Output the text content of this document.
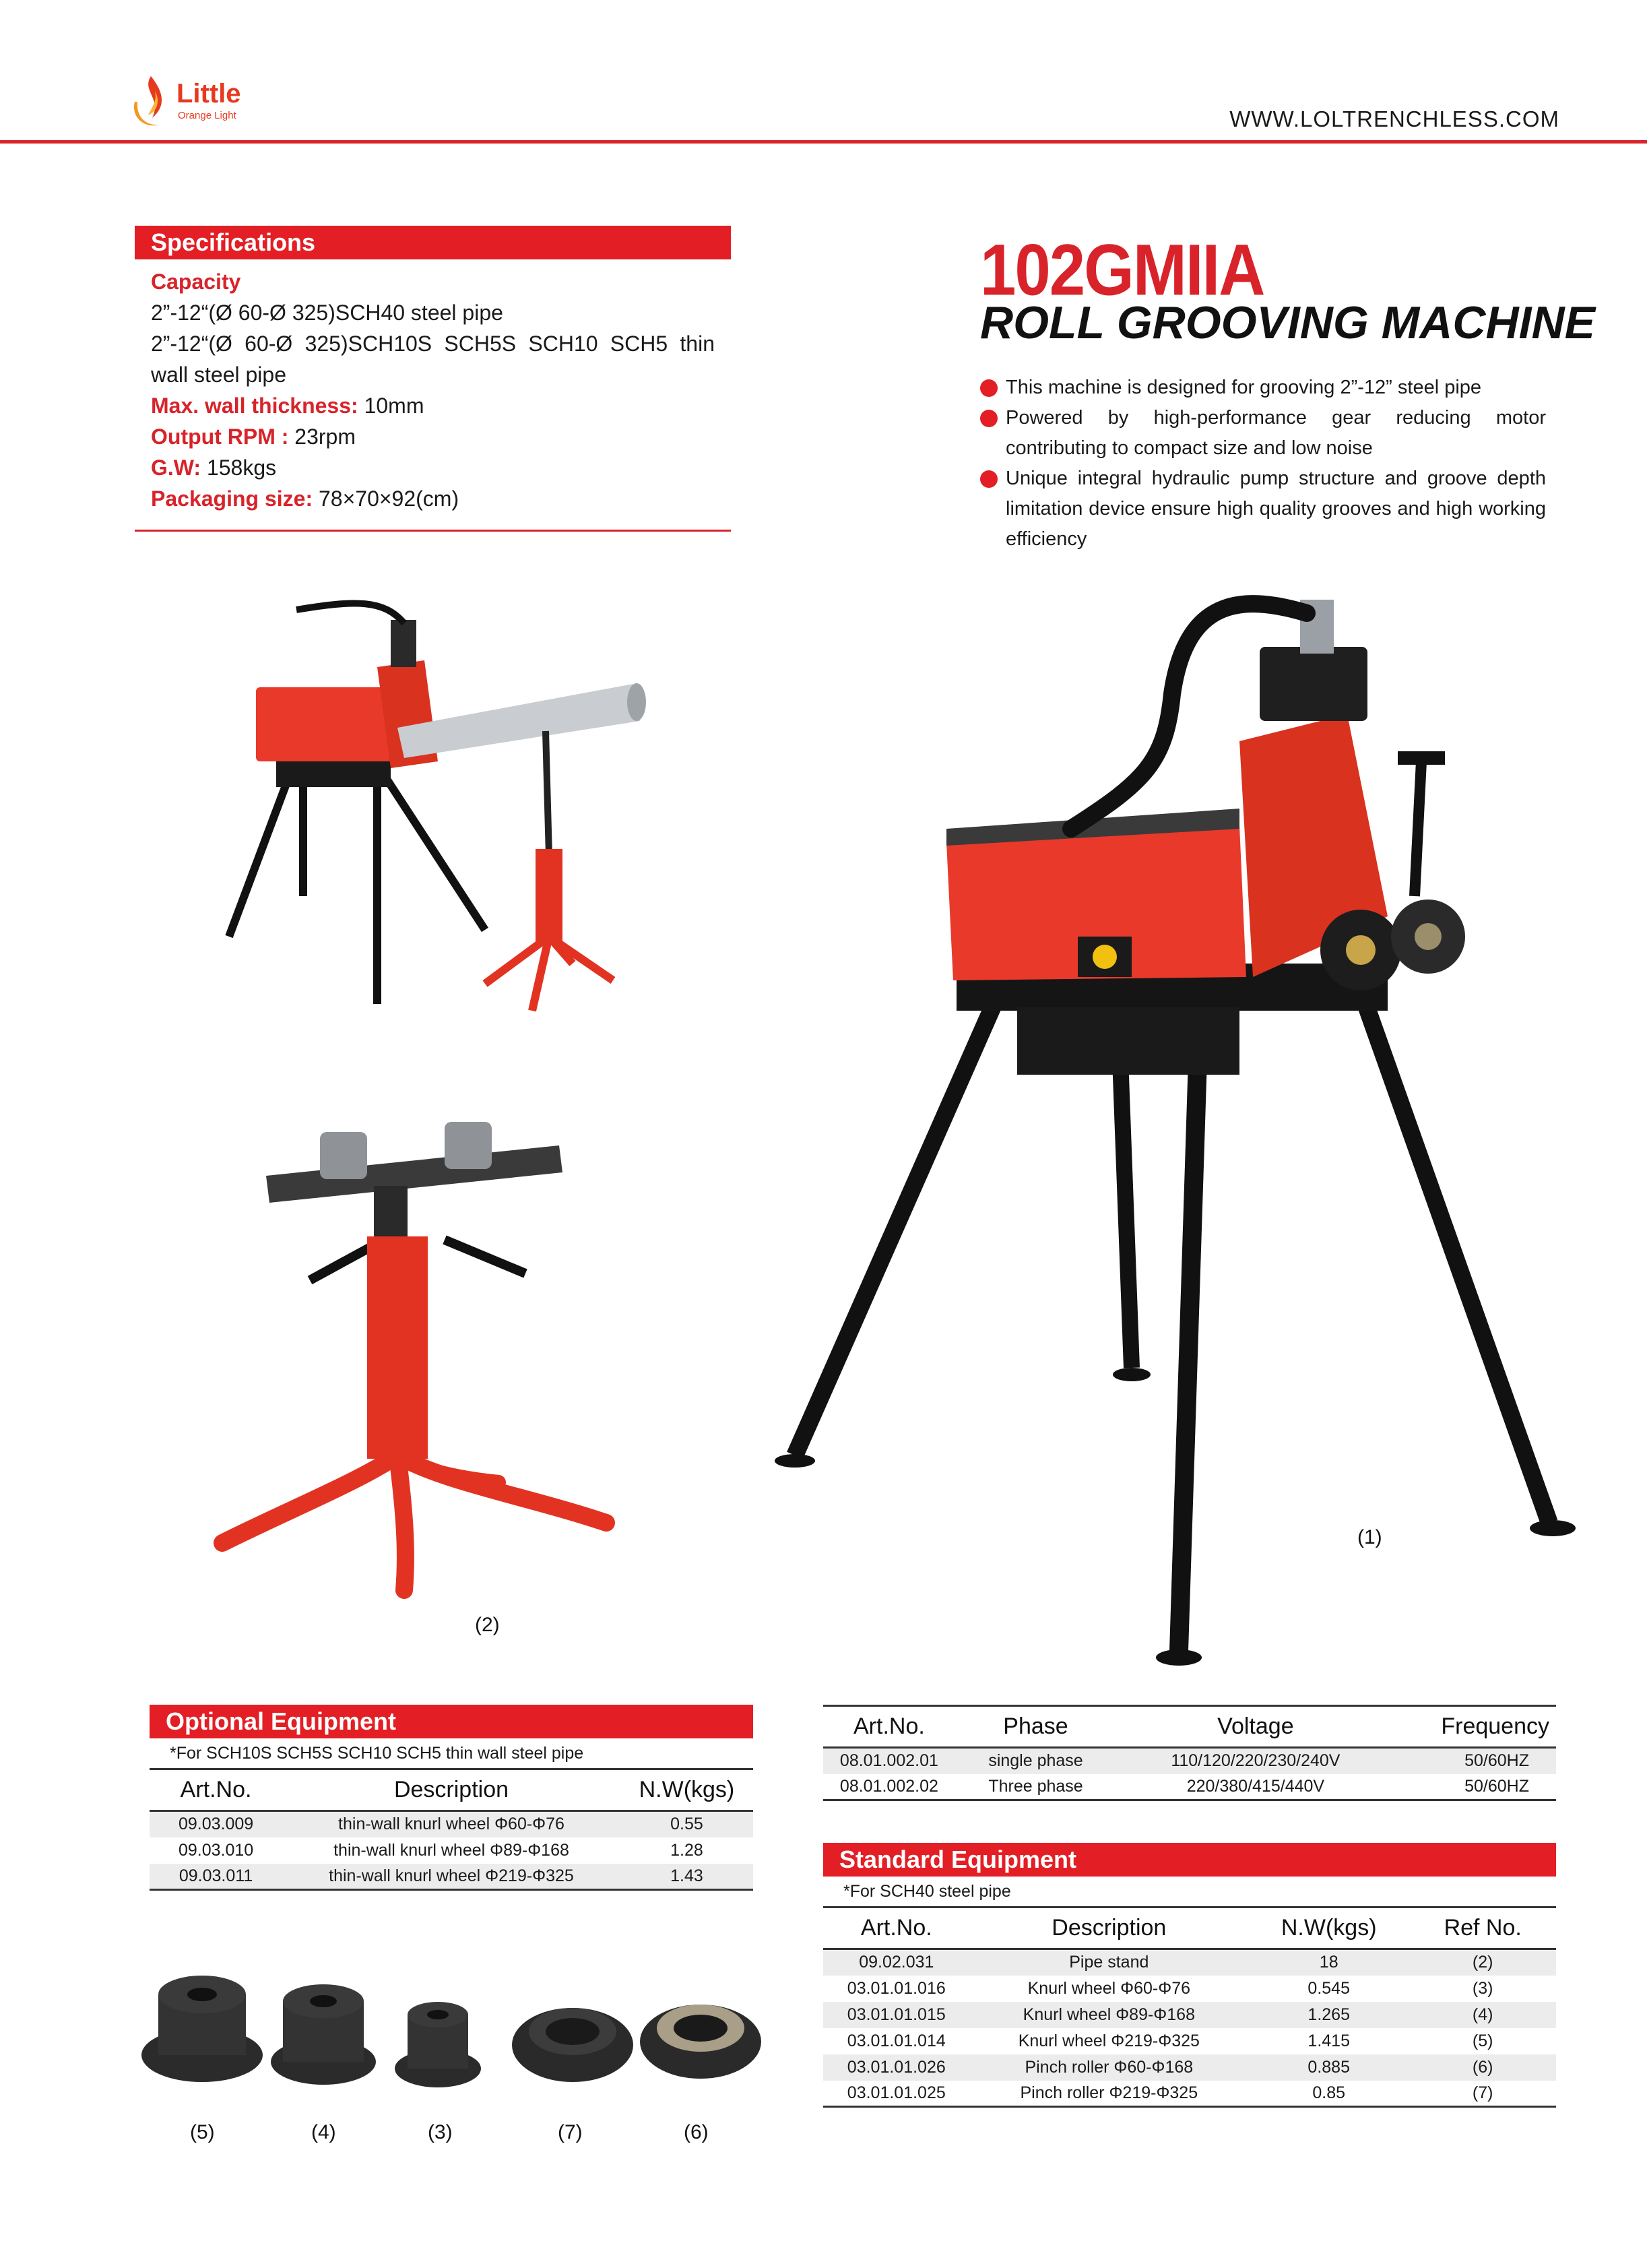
Little
Orange Light	WWW.LOLTRENCHLESS.COM
Specifications
Capacity
2”-12“(Ø 60-Ø 325)SCH40 steel pipe
2”-12“(Ø 60-Ø 325)SCH10S SCH5S SCH10 SCH5 thin
wall steel pipe
Max. wall thickness: 10mm
Output RPM : 23rpm
G.W: 158kgs
Packaging size: 78×70×92(cm)
102GMIIA
ROLL GROOVING MACHINE
This machine is designed for grooving 2”-12” steel pipe
Powered by high-performance gear reducing motor contributing to compact size and low noise
Unique integral hydraulic pump structure and groove depth limitation device ensure high quality grooves and high working efficiency
(2)
(1)
Optional Equipment
*For SCH10S SCH5S SCH10 SCH5 thin wall steel pipe
Art.No.	Description	N.W(kgs)
09.03.009	thin-wall knurl wheel Φ60-Φ76	0.55
09.03.010	thin-wall knurl wheel Φ89-Φ168	1.28
09.03.011	thin-wall knurl wheel Φ219-Φ325	1.43
Art.No.	Phase	Voltage	Frequency
08.01.002.01	single phase	110/120/220/230/240V	50/60HZ
08.01.002.02	Three phase	220/380/415/440V	50/60HZ
Standard Equipment
*For SCH40 steel pipe
Art.No.	Description	N.W(kgs)	Ref No.
09.02.031	Pipe stand	18	(2)
03.01.01.016	Knurl wheel Φ60-Φ76	0.545	(3)
03.01.01.015	Knurl wheel Φ89-Φ168	1.265	(4)
03.01.01.014	Knurl wheel Φ219-Φ325	1.415	(5)
03.01.01.026	Pinch roller Φ60-Φ168	0.885	(6)
03.01.01.025	Pinch roller Φ219-Φ325	0.85	(7)
(5)	(4)	(3)	(7)	(6)
